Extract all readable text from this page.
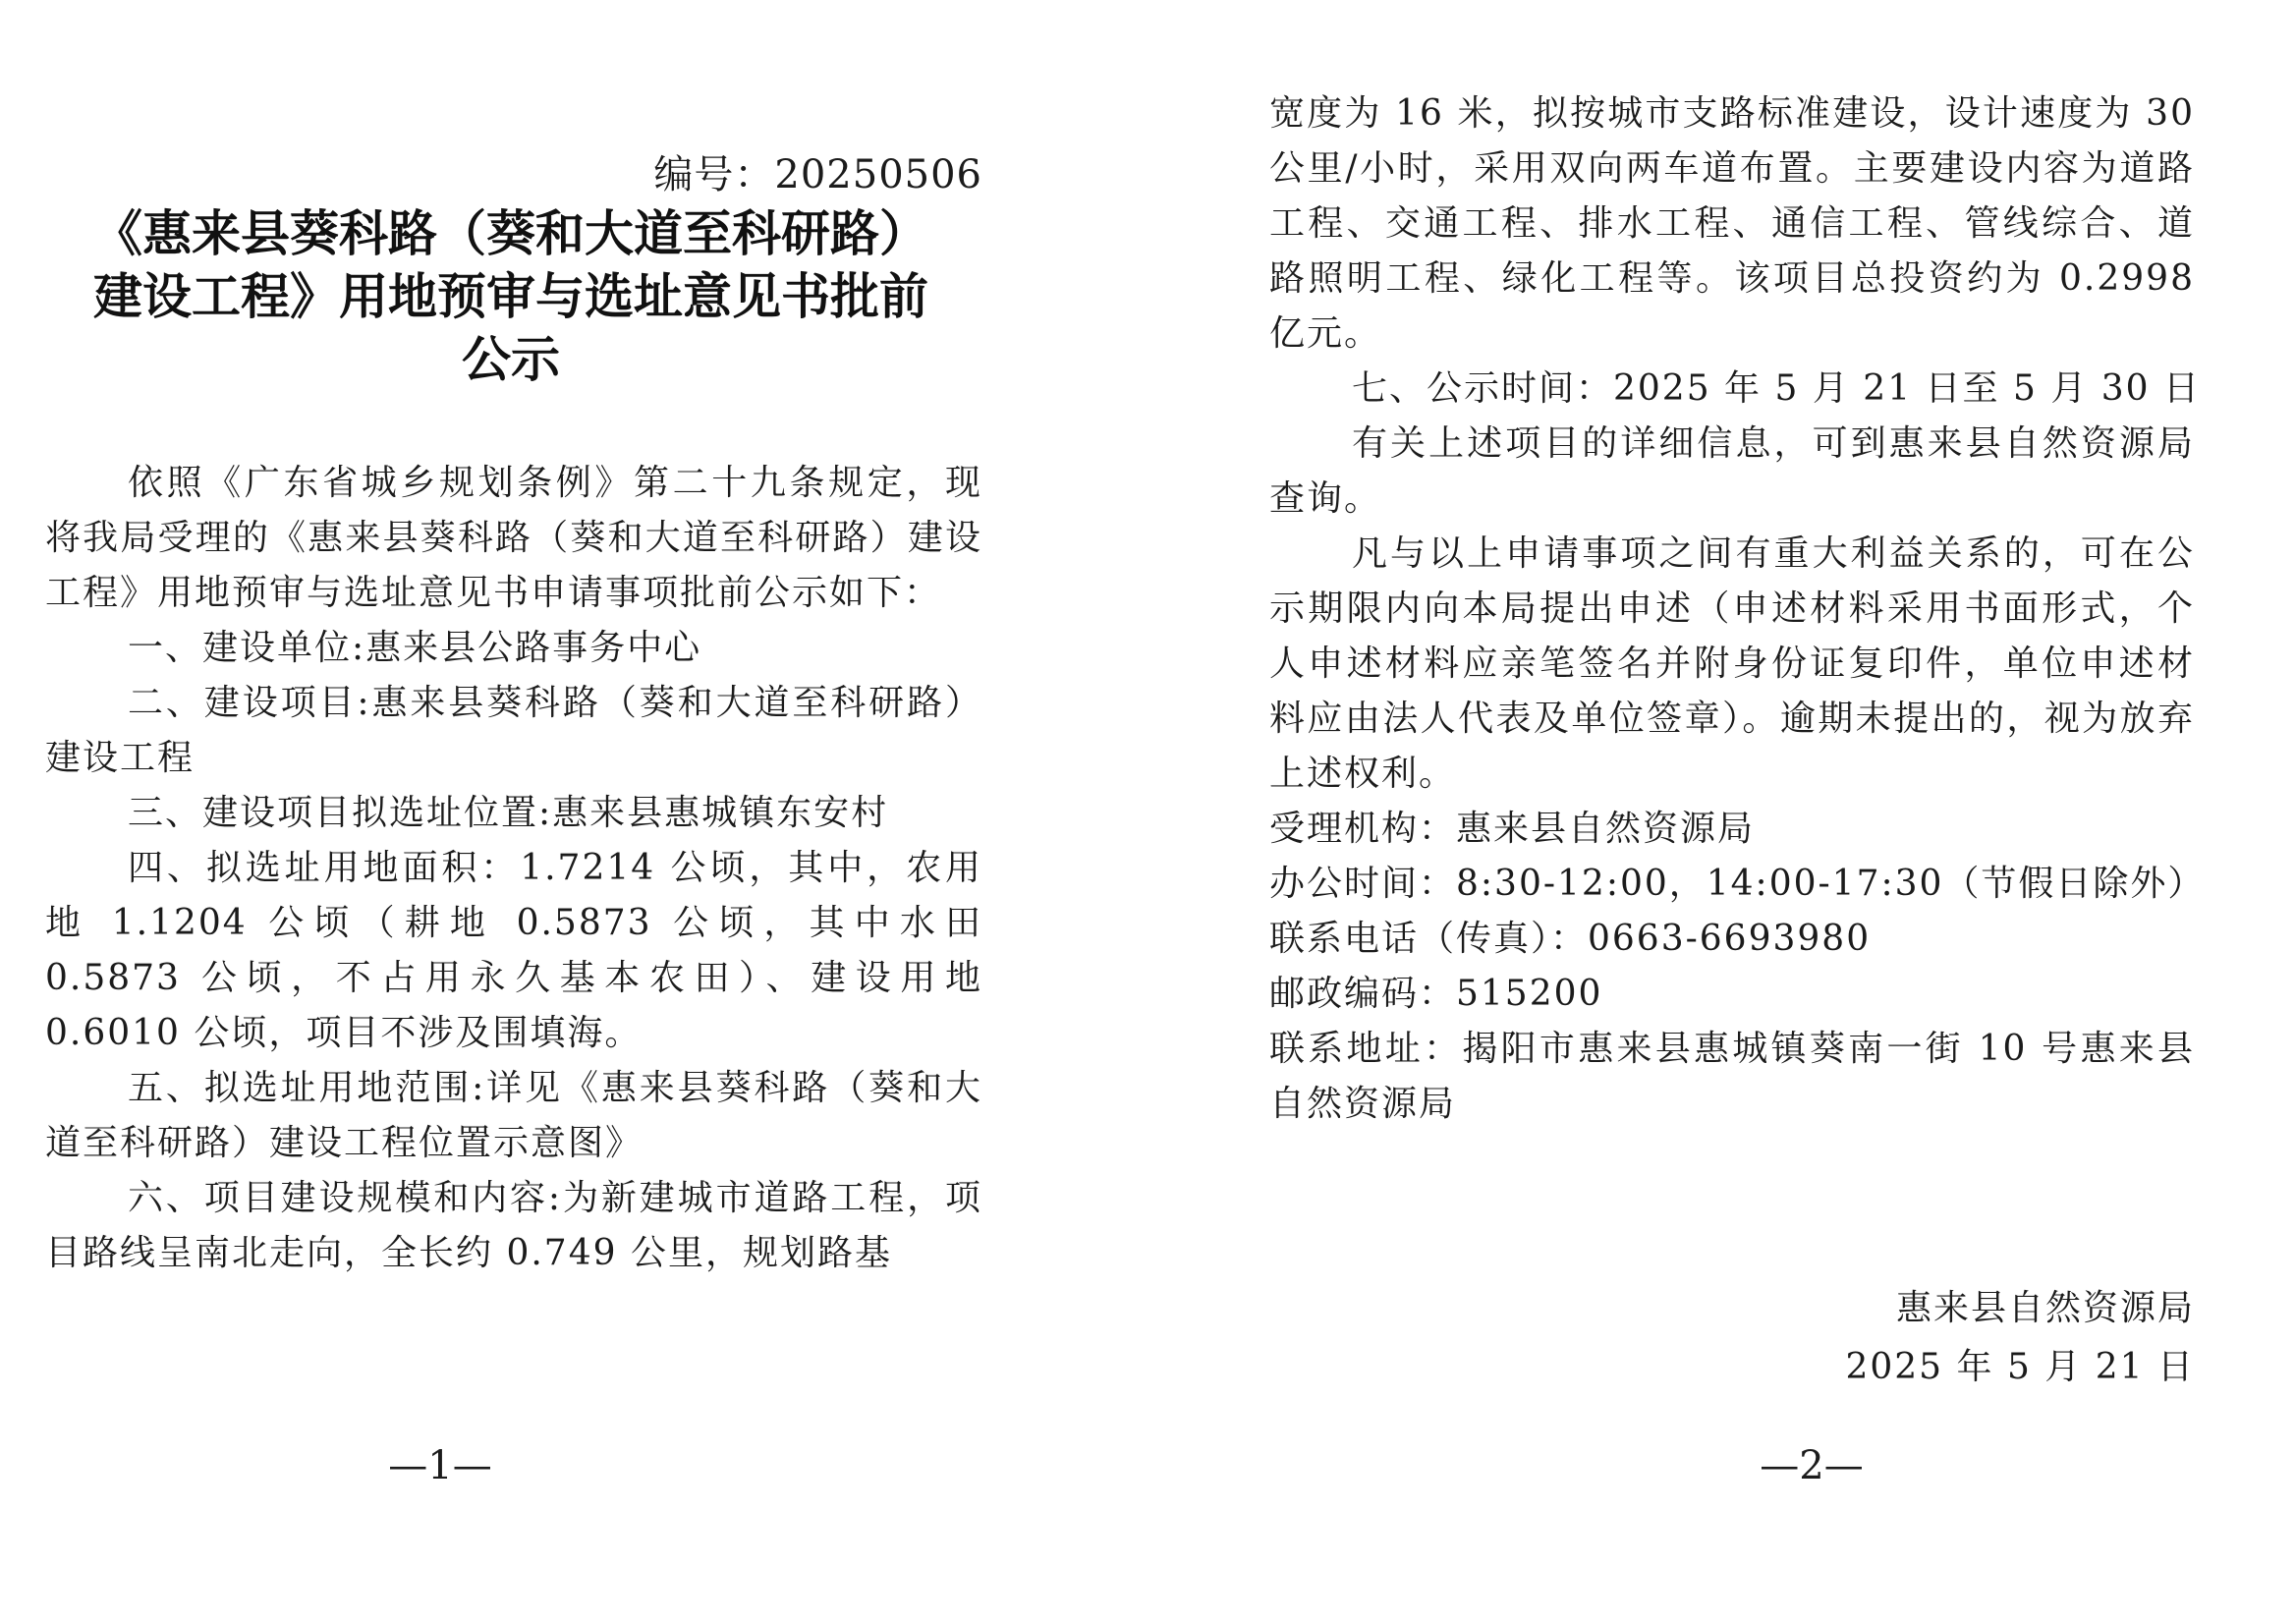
编号：20250506
《惠来县葵科路（葵和大道至科研路）
建设工程》用地预审与选址意见书批前
公示

依照《广东省城乡规划条例》第二十九条规定，现将我局受理的《惠来县葵科路（葵和大道至科研路）建设工程》用地预审与选址意见书申请事项批前公示如下：

一、建设单位:惠来县公路事务中心

二、建设项目:惠来县葵科路（葵和大道至科研路）建设工程

三、建设项目拟选址位置:惠来县惠城镇东安村

四、拟选址用地面积：1.7214 公顷，其中，农用地 1.1204 公顷（耕地 0.5873 公顷，其中水田 0.5873 公顷，不占用永久基本农田）、建设用地 0.6010 公顷，项目不涉及围填海。

五、拟选址用地范围:详见《惠来县葵科路（葵和大道至科研路）建设工程位置示意图》

六、项目建设规模和内容:为新建城市道路工程，项目路线呈南北走向，全长约 0.749 公里，规划路基

—1—

宽度为 16 米，拟按城市支路标准建设，设计速度为 30 公里/小时，采用双向两车道布置。主要建设内容为道路工程、交通工程、排水工程、通信工程、管线综合、道路照明工程、绿化工程等。该项目总投资约为 0.2998 亿元。

七、公示时间：2025 年 5 月 21 日至 5 月 30 日

有关上述项目的详细信息，可到惠来县自然资源局查询。

凡与以上申请事项之间有重大利益关系的，可在公示期限内向本局提出申述（申述材料采用书面形式，个人申述材料应亲笔签名并附身份证复印件，单位申述材料应由法人代表及单位签章）。逾期未提出的，视为放弃上述权利。

受理机构：惠来县自然资源局

办公时间：8:30-12:00，14:00-17:30（节假日除外）

联系电话（传真）：0663-6693980

邮政编码：515200

联系地址：揭阳市惠来县惠城镇葵南一街 10 号惠来县自然资源局

惠来县自然资源局
2025 年 5 月 21 日
—2—
